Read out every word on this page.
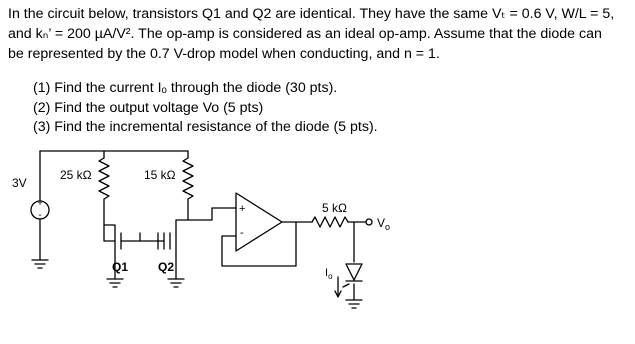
In the circuit below, transistors Q1 and Q2 are identical. They have the same Vₜ = 0.6 V, W/L = 5,

and kₙ’ = 200 µA/V². The op-amp is considered as an ideal op-amp. Assume that the diode can

be represented by the 0.7 V-drop model when conducting, and n = 1.

(1) Find the current Iₒ through the diode (30 pts).
(2) Find the output voltage Vo (5 pts)
(3) Find the incremental resistance of the diode (5 pts).
+
-
3V
25 kΩ	15 kΩ
Q1 Q2
+
-
5 kΩ
$V_o$
$I_o$
